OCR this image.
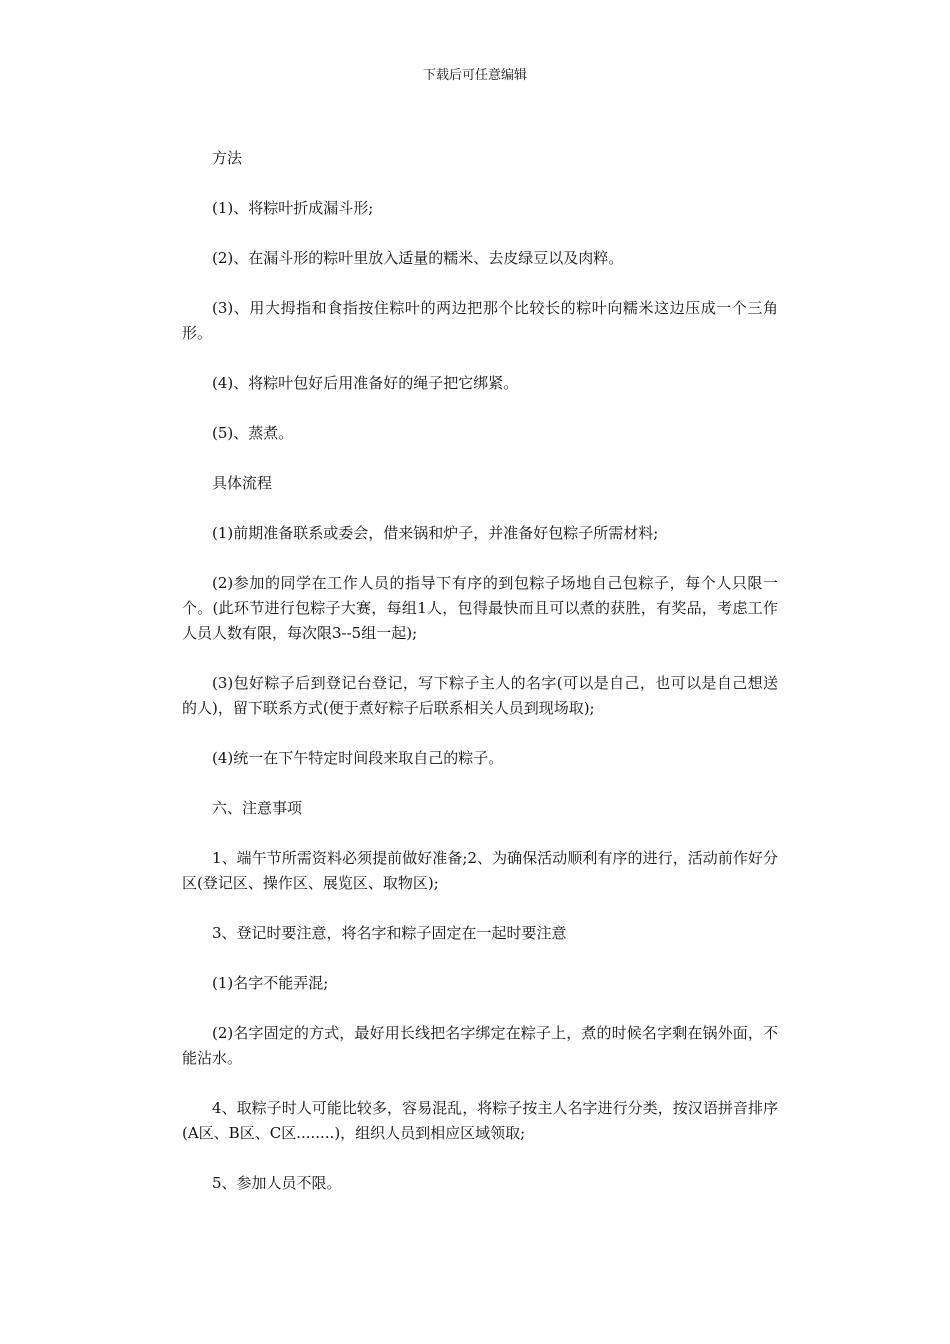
下载后可任意编辑

方法

(1)、将粽叶折成漏斗形;

(2)、在漏斗形的粽叶里放入适量的糯米、去皮绿豆以及肉粹。

(3)、用大拇指和食指按住粽叶的两边把那个比较长的粽叶向糯米这边压成一个三角形。

(4)、将粽叶包好后用准备好的绳子把它绑紧。

(5)、蒸煮。

具体流程

(1)前期准备联系或委会，借来锅和炉子，并准备好包粽子所需材料;

(2)参加的同学在工作人员的指导下有序的到包粽子场地自己包粽子，每个人只限一个。(此环节进行包粽子大赛，每组1人，包得最快而且可以煮的获胜，有奖品，考虑工作人员人数有限，每次限3--5组一起);

(3)包好粽子后到登记台登记，写下粽子主人的名字(可以是自己，也可以是自己想送的人)，留下联系方式(便于煮好粽子后联系相关人员到现场取);

(4)统一在下午特定时间段来取自己的粽子。

六、注意事项

1、端午节所需资料必须提前做好准备;2、为确保活动顺利有序的进行，活动前作好分区(登记区、操作区、展览区、取物区);

3、登记时要注意，将名字和粽子固定在一起时要注意

(1)名字不能弄混;

(2)名字固定的方式，最好用长线把名字绑定在粽子上，煮的时候名字剩在锅外面，不能沾水。

4、取粽子时人可能比较多，容易混乱，将粽子按主人名字进行分类，按汉语拼音排序(A区、B区、C区........)，组织人员到相应区域领取;

5、参加人员不限。
